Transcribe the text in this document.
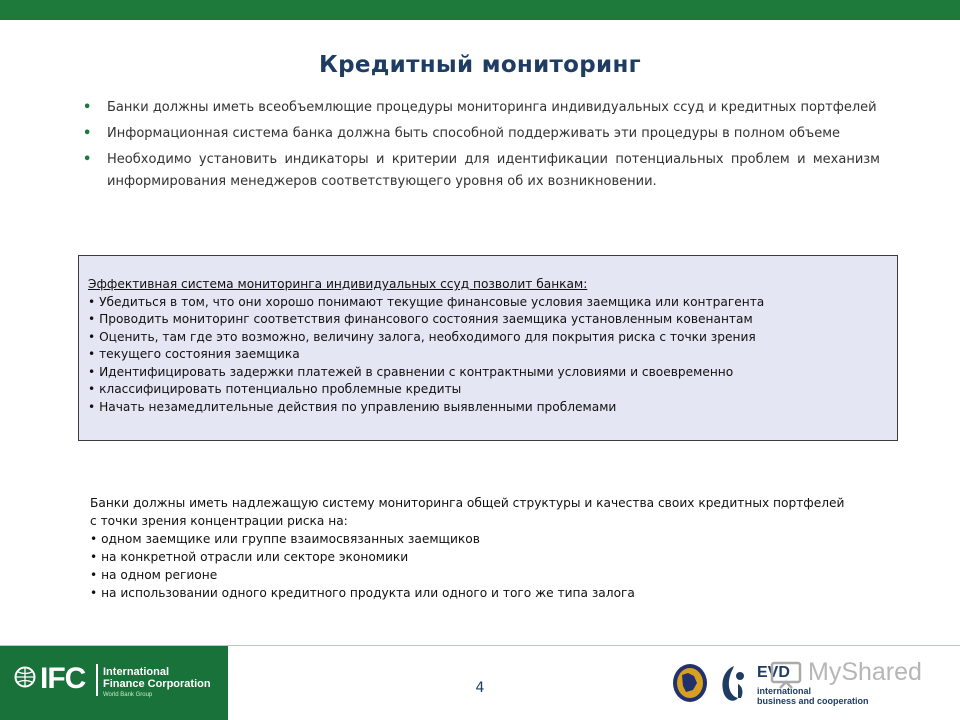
Кредитный мониторинг
• Банки должны иметь всеобъемлющие процедуры мониторинга индивидуальных ссуд и кредитных портфелей
• Информационная система банка должна быть способной поддерживать эти процедуры в полном объеме
• Необходимо установить индикаторы и критерии для идентификации потенциальных проблем и механизм информирования менеджеров соответствующего уровня об их возникновении.
Эффективная система мониторинга индивидуальных ссуд позволит банкам:
• Убедиться в том, что они хорошо понимают текущие финансовые условия заемщика или контрагента
• Проводить мониторинг соответствия финансового состояния заемщика установленным ковенантам
• Оценить, там где это возможно, величину залога, необходимого для покрытия риска с точки зрения
• текущего состояния заемщика
• Идентифицировать задержки платежей в сравнении с контрактными условиями и своевременно
• классифицировать потенциально проблемные кредиты
• Начать незамедлительные действия по управлению выявленными проблемами
Банки должны иметь надлежащую систему мониторинга общей структуры и качества своих кредитных портфелей
с точки зрения концентрации риска на:
• одном заемщике или группе взаимосвязанных заемщиков
• на конкретной отрасли или секторе экономики
• на одном регионе
• на использовании одного кредитного продукта или одного и того же типа залога
IFC International
Finance Corporation
World Bank Group	4
EVD
international
business and cooperation
MyShared
